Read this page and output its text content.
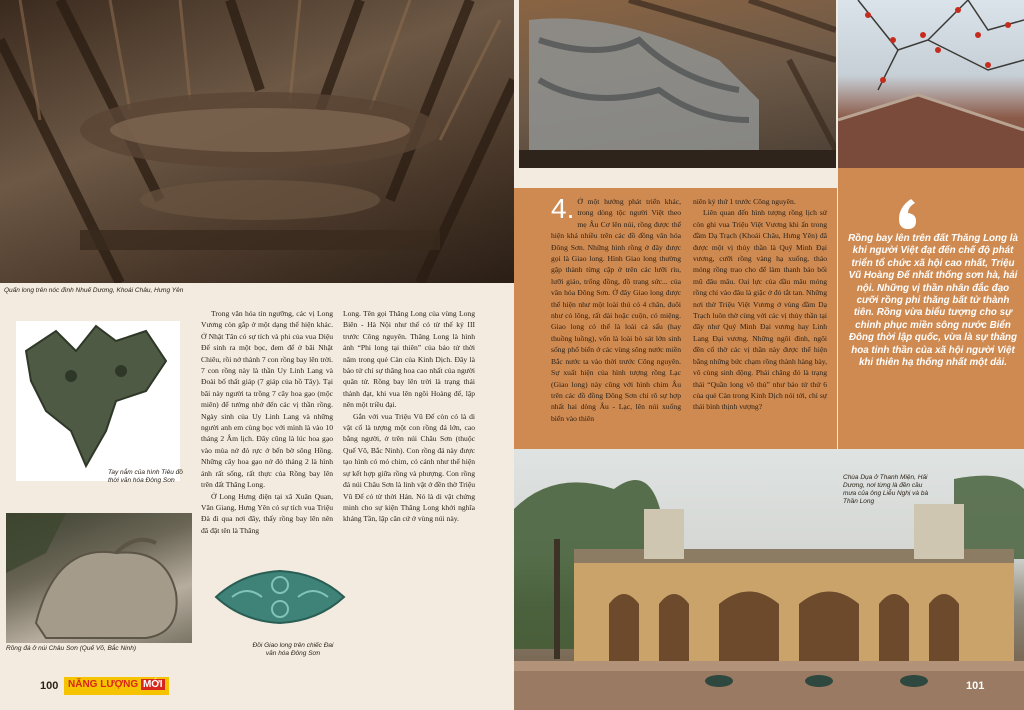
Quấn long trên nóc đình Nhuế Dương, Khoái Châu, Hưng Yên
Tay nắm của hình Tiêu đồ thời văn hóa Đông Sơn
Rồng đá ở núi Châu Sơn (Quế Võ, Bắc Ninh)	Đồi Giao long trên chiếc Đai văn hóa Đông Sơn

Trong văn hóa tín ngưỡng, các vị Long Vương còn gắp ở một dạng thể hiện khác. Ở Nhật Tân có sự tích và phi của vua Diệu Đế sinh ra một bọc, đem để ở bãi Nhật Chiêu, rồi nở thành 7 con rồng bay lên trời. 7 con rồng này là thần Uy Linh Lang và Đoài bố thất giáp (7 giáp của hồ Tây). Tại bãi này người ta trồng 7 cây hoa gạo (mộc miên) để tưởng nhớ đến các vị thần rồng. Ngày sinh của Uy Linh Lang và những người anh em cùng bọc với mình là vào 10 tháng 2 Âm lịch. Đây cũng là lúc hoa gạo vào mùa nở đỏ rực ở bến bờ sông Hồng. Những cây hoa gạo nở đỏ tháng 2 là hình ảnh rất sống, rất thực của Rồng bay lên trên đất Thăng Long.

Ở Long Hưng điện tại xã Xuân Quan, Văn Giang, Hưng Yên có sự tích vua Triệu Đà đi qua nơi đây, thấy rồng bay lên nên đã đặt tên là Thăng

Long. Tên gọi Thăng Long của vùng Long Biên - Hà Nội như thế có từ thế kỷ III trước Công nguyên. Thăng Long là hình ảnh “Phi long tại thiên” của bảo tử thời năm trong quẻ Càn của Kinh Dịch. Đây là bảo tử chỉ sự thăng hoa cao nhất của người quân tử. Rồng bay lên trời là trạng thái thành đạt, khi vua lên ngôi Hoàng đế, lập nên một triều đại.

Gắn với vua Triệu Vũ Đế còn có là di vật cổ là tượng một con rồng đá lớn, cao bằng người, ở trên núi Châu Sơn (thuộc Quế Võ, Bắc Ninh). Con rồng đá này được tạo hình có mỏ chim, có cánh như thể hiện sự kết hợp giữa rồng và phượng. Con rồng đá núi Châu Sơn là linh vật ở đền thờ Triệu Vũ Đế có từ thời Hán. Nó là di vật chứng minh cho sự kiện Thăng Long khởi nghĩa kháng Tần, lập căn cứ ở vùng núi này.

4. Ở một hướng phát triển khác, trong dòng tộc người Việt theo mẹ Âu Cơ lên núi, rồng được thể hiện khá nhiều trên các đồ đồng văn hóa Đông Sơn. Những hình rồng ở đây được gọi là Giao long. Hình Giao long thường gặp thành từng cặp ở trên các lưỡi rìu, lưỡi giáo, trống đồng, đồ trang sức... của văn hóa Đông Sơn. Ở đây Giao long được thể hiện như một loài thú có 4 chân, đuôi như cỏ lông, rất dài hoặc cuộn, có miệng. Giao long có thể là loài cá sấu (hay thuồng luồng), vốn là loài bò sát lớn sinh sống phổ biến ở các vùng sông nước miền Bắc nước ta vào thời trước Công nguyên. Sự xuất hiện của hình tượng rồng Lạc (Giao long) này cũng với hình chim Âu trên các đồ đồng Đông Sơn chỉ rõ sự hợp nhất hai dòng Âu - Lạc, lên núi xuống biển vào thiên

niên kỷ thứ 1 trước Công nguyên.

Liên quan đến hình tượng rồng lịch sử còn ghi vua Triệu Việt Vương khi ẩn trong đầm Dạ Trạch (Khoái Châu, Hưng Yên) đã được một vị thủy thần là Quý Minh Đại vương, cưỡi rồng vàng hạ xuống, tháo móng rồng trao cho để làm thanh bảo bối mũ đâu mâu. Oai lực của đầu mâu móng rồng chỉ vào đâu là giặc ở đó tắt tan. Những nơi thờ Triệu Việt Vương ở vùng đầm Dạ Trạch luôn thờ cùng với các vị thủy thần tại đây như Quý Minh Đại vương hay Linh Lang Đại vương. Những ngôi đình, ngôi đền cổ thờ các vị thần này được thể hiện bằng những bức chạm rồng thành hàng bày, vô cùng sinh động. Phải chăng đó là trạng thái “Quần long vô thủ” như bảo tử thứ 6 của quẻ Càn trong Kinh Dịch nói tới, chỉ sự thái bình thịnh vượng?

Rồng bay lên trên đất Thăng Long là khi người Việt đạt đến chế độ phát triển tổ chức xã hội cao nhất, Triệu Vũ Hoàng Đế nhất thống sơn hà, hải nội. Những vị thần nhân đắc đạo cưỡi rồng phi thăng bất tử thành tiên. Rồng vừa biểu tượng cho sự chinh phục miền sông nước Biển Đông thời lập quốc, vừa là sự thăng hoa tinh thần của xã hội người Việt khi thiên hạ thống nhất một dải.
Chùa Dụa ở Thanh Miện, Hải Dương, nơi từng là đền cầu mưa của ông Liễu Nghị và bà Thần Long
100 NĂNG LƯỢNG MỚI	101
